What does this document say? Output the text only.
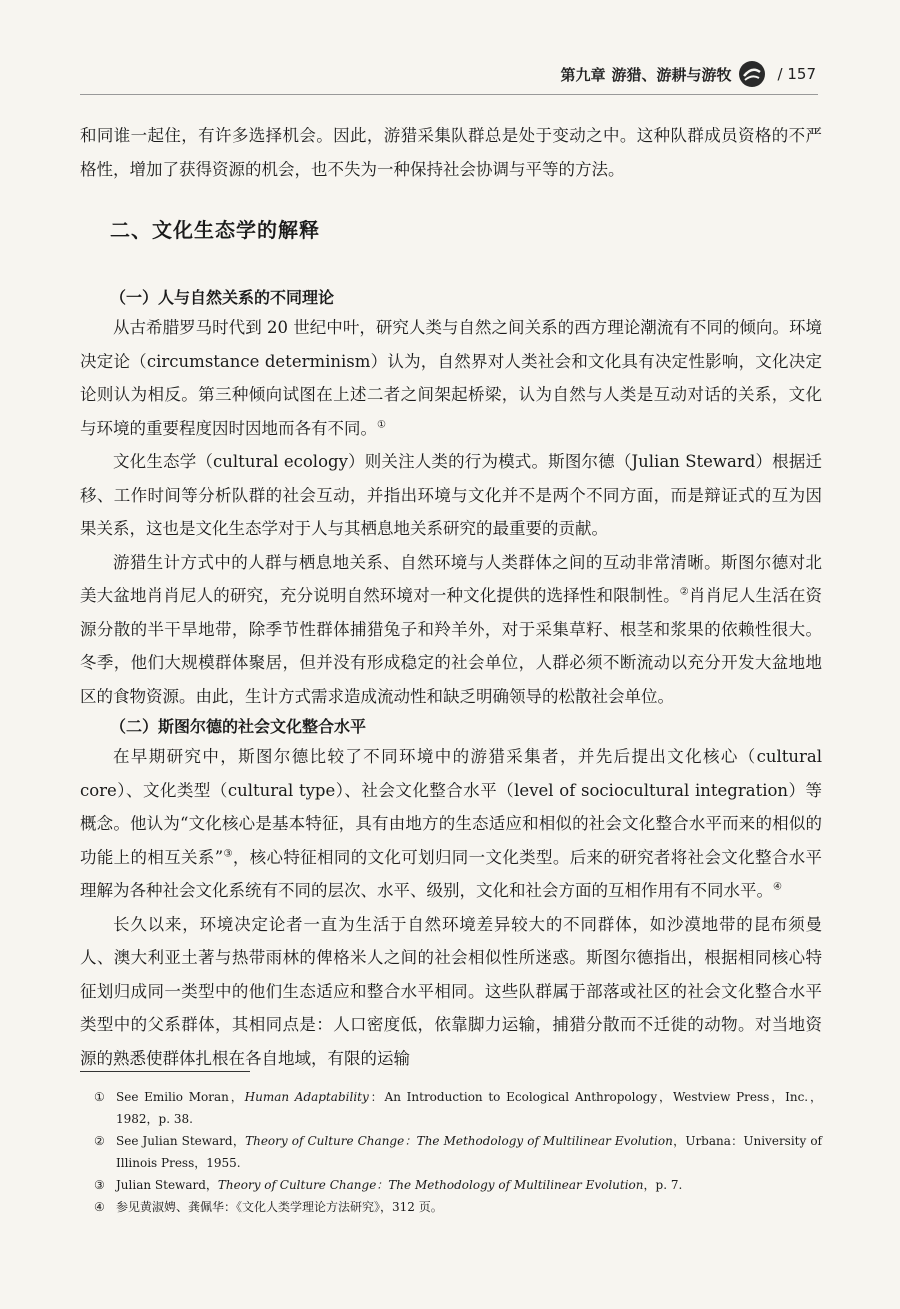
第九章 游猎、游耕与游牧	/ 157

和同谁一起住，有许多选择机会。因此，游猎采集队群总是处于变动之中。这种队群成员资格的不严格性，增加了获得资源的机会，也不失为一种保持社会协调与平等的方法。

二、文化生态学的解释
（一）人与自然关系的不同理论

从古希腊罗马时代到 20 世纪中叶，研究人类与自然之间关系的西方理论潮流有不同的倾向。环境决定论（circumstance determinism）认为，自然界对人类社会和文化具有决定性影响，文化决定论则认为相反。第三种倾向试图在上述二者之间架起桥梁，认为自然与人类是互动对话的关系，文化与环境的重要程度因时因地而各有不同。①

文化生态学（cultural ecology）则关注人类的行为模式。斯图尔德（Julian Steward）根据迁移、工作时间等分析队群的社会互动，并指出环境与文化并不是两个不同方面，而是辩证式的互为因果关系，这也是文化生态学对于人与其栖息地关系研究的最重要的贡献。

游猎生计方式中的人群与栖息地关系、自然环境与人类群体之间的互动非常清晰。斯图尔德对北美大盆地肖肖尼人的研究，充分说明自然环境对一种文化提供的选择性和限制性。②肖肖尼人生活在资源分散的半干旱地带，除季节性群体捕猎兔子和羚羊外，对于采集草籽、根茎和浆果的依赖性很大。冬季，他们大规模群体聚居，但并没有形成稳定的社会单位，人群必须不断流动以充分开发大盆地地区的食物资源。由此，生计方式需求造成流动性和缺乏明确领导的松散社会单位。

（二）斯图尔德的社会文化整合水平

在早期研究中，斯图尔德比较了不同环境中的游猎采集者，并先后提出文化核心（cultural core）、文化类型（cultural type）、社会文化整合水平（level of sociocultural integration）等概念。他认为“文化核心是基本特征，具有由地方的生态适应和相似的社会文化整合水平而来的相似的功能上的相互关系”③，核心特征相同的文化可划归同一文化类型。后来的研究者将社会文化整合水平理解为各种社会文化系统有不同的层次、水平、级别，文化和社会方面的互相作用有不同水平。④

长久以来，环境决定论者一直为生活于自然环境差异较大的不同群体，如沙漠地带的昆布须曼人、澳大利亚土著与热带雨林的俾格米人之间的社会相似性所迷惑。斯图尔德指出，根据相同核心特征划归成同一类型中的他们生态适应和整合水平相同。这些队群属于部落或社区的社会文化整合水平类型中的父系群体，其相同点是：人口密度低，依靠脚力运输，捕猎分散而不迁徙的动物。对当地资源的熟悉使群体扎根在各自地域，有限的运输

① See Emilio Moran，Human Adaptability：An Introduction to Ecological Anthropology，Westview Press，Inc.，1982，p. 38.

② See Julian Steward，Theory of Culture Change：The Methodology of Multilinear Evolution，Urbana：University of Illinois Press，1955.

③ Julian Steward，Theory of Culture Change：The Methodology of Multilinear Evolution，p. 7.

④ 参见黄淑娉、龚佩华：《文化人类学理论方法研究》，312 页。
